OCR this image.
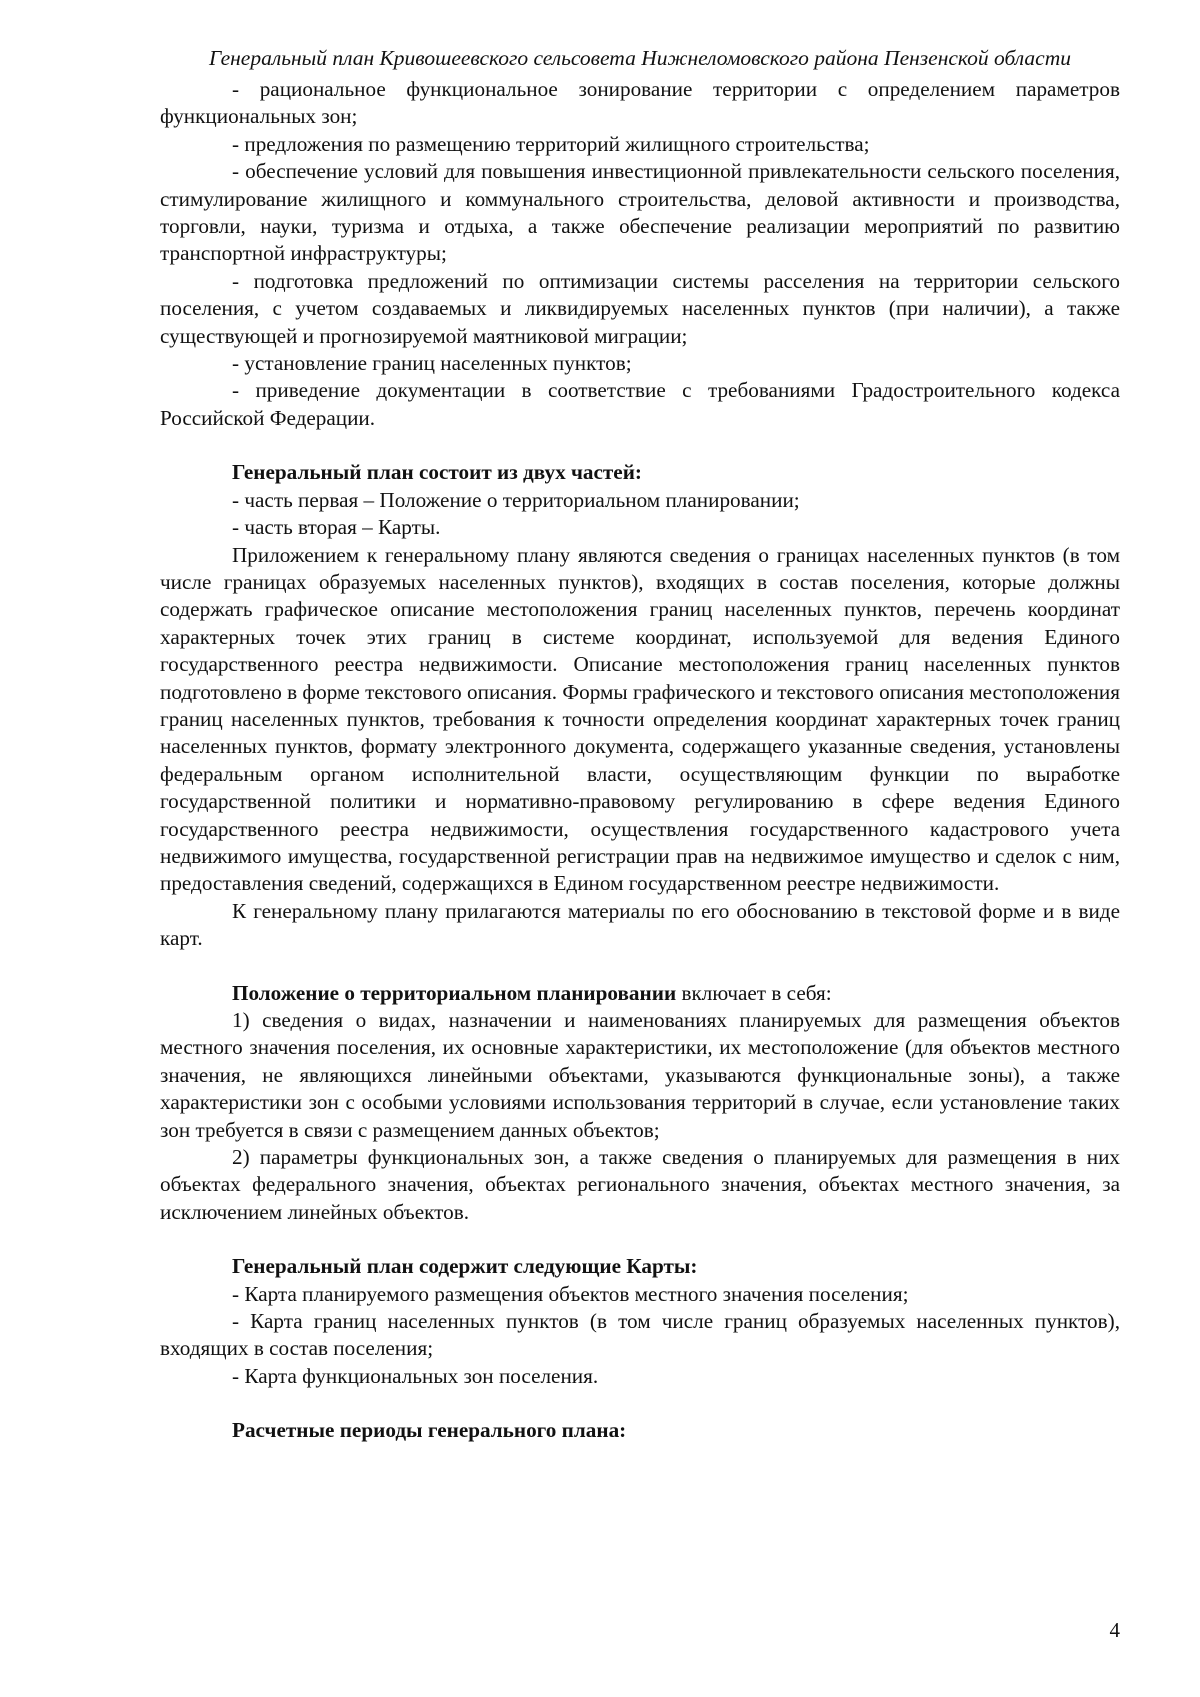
Генеральный план Кривошеевского сельсовета Нижнеломовского района Пензенской области

- рациональное функциональное зонирование территории с определением параметров функциональных зон;

- предложения по размещению территорий жилищного строительства;

- обеспечение условий для повышения инвестиционной привлекательности сельского поселения, стимулирование жилищного и коммунального строительства, деловой активности и производства, торговли, науки, туризма и отдыха, а также обеспечение реализации мероприятий по развитию транспортной инфраструктуры;

- подготовка предложений по оптимизации системы расселения на территории сельского поселения, с учетом создаваемых и ликвидируемых населенных пунктов (при наличии), а также существующей и прогнозируемой маятниковой миграции;

- установление границ населенных пунктов;

- приведение документации в соответствие с требованиями Градостроительного кодекса Российской Федерации.

Генеральный план состоит из двух частей:

- часть первая – Положение о территориальном планировании;

- часть вторая – Карты.

Приложением к генеральному плану являются сведения о границах населенных пунктов (в том числе границах образуемых населенных пунктов), входящих в состав поселения, которые должны содержать графическое описание местоположения границ населенных пунктов, перечень координат характерных точек этих границ в системе координат, используемой для ведения Единого государственного реестра недвижимости. Описание местоположения границ населенных пунктов подготовлено в форме текстового описания. Формы графического и текстового описания местоположения границ населенных пунктов, требования к точности определения координат характерных точек границ населенных пунктов, формату электронного документа, содержащего указанные сведения, установлены федеральным органом исполнительной власти, осуществляющим функции по выработке государственной политики и нормативно-правовому регулированию в сфере ведения Единого государственного реестра недвижимости, осуществления государственного кадастрового учета недвижимого имущества, государственной регистрации прав на недвижимое имущество и сделок с ним, предоставления сведений, содержащихся в Едином государственном реестре недвижимости.

К генеральному плану прилагаются материалы по его обоснованию в текстовой форме и в виде карт.

Положение о территориальном планировании включает в себя:

1) сведения о видах, назначении и наименованиях планируемых для размещения объектов местного значения поселения, их основные характеристики, их местоположение (для объектов местного значения, не являющихся линейными объектами, указываются функциональные зоны), а также характеристики зон с особыми условиями использования территорий в случае, если установление таких зон требуется в связи с размещением данных объектов;

2) параметры функциональных зон, а также сведения о планируемых для размещения в них объектах федерального значения, объектах регионального значения, объектах местного значения, за исключением линейных объектов.

Генеральный план содержит следующие Карты:

- Карта планируемого размещения объектов местного значения поселения;

- Карта границ населенных пунктов (в том числе границ образуемых населенных пунктов), входящих в состав поселения;

- Карта функциональных зон поселения.

Расчетные периоды генерального плана:

4
